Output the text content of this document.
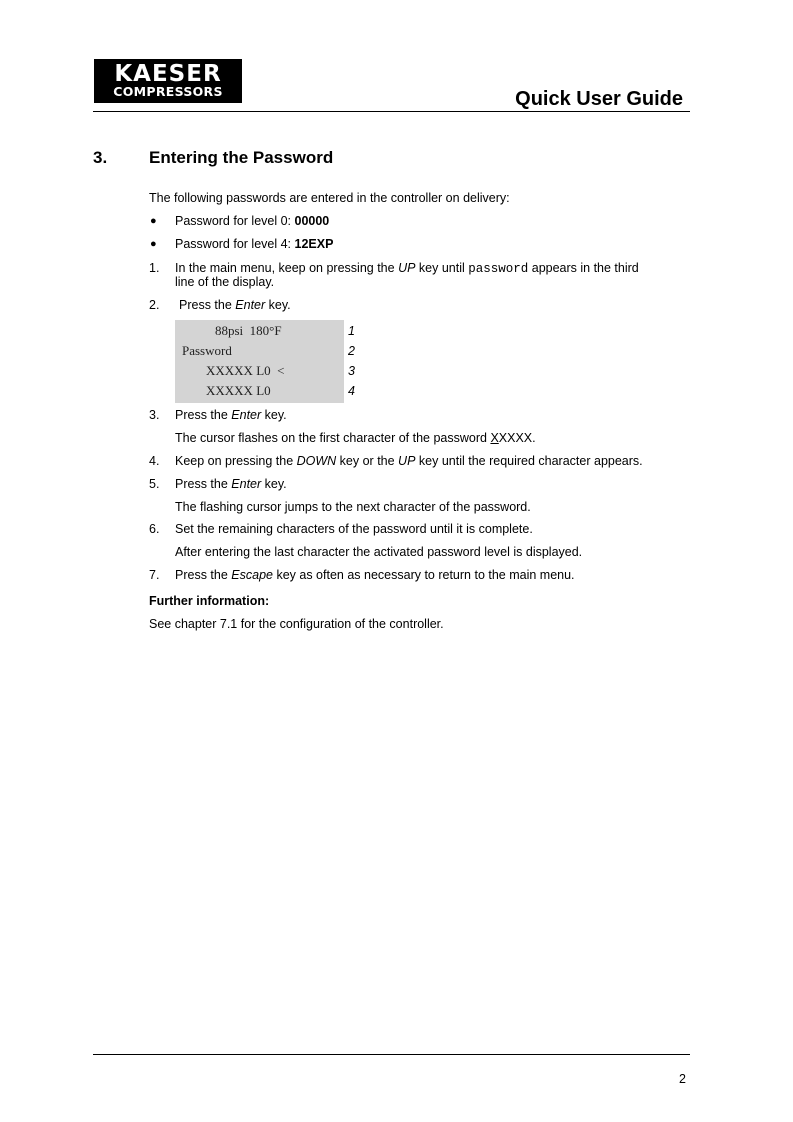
KAESER
COMPRESSORS	Quick User Guide
3. Entering the Password
The following passwords are entered in the controller on delivery:
● Password for level 0: 00000
● Password for level 4: 12EXP
1. In the main menu, keep on pressing the UP key until password appears in the third
line of the display.
2. Press the Enter key.
88psi  180°F
Password
XXXXX L0  <
XXXXX L0
1
2
3
4
3. Press the Enter key.
The cursor flashes on the first character of the password XXXXX.
4. Keep on pressing the DOWN key or the UP key until the required character appears.
5. Press the Enter key.
The flashing cursor jumps to the next character of the password.
6. Set the remaining characters of the password until it is complete.
After entering the last character the activated password level is displayed.
7. Press the Escape key as often as necessary to return to the main menu.
Further information:
See chapter 7.1 for the configuration of the controller.
2
